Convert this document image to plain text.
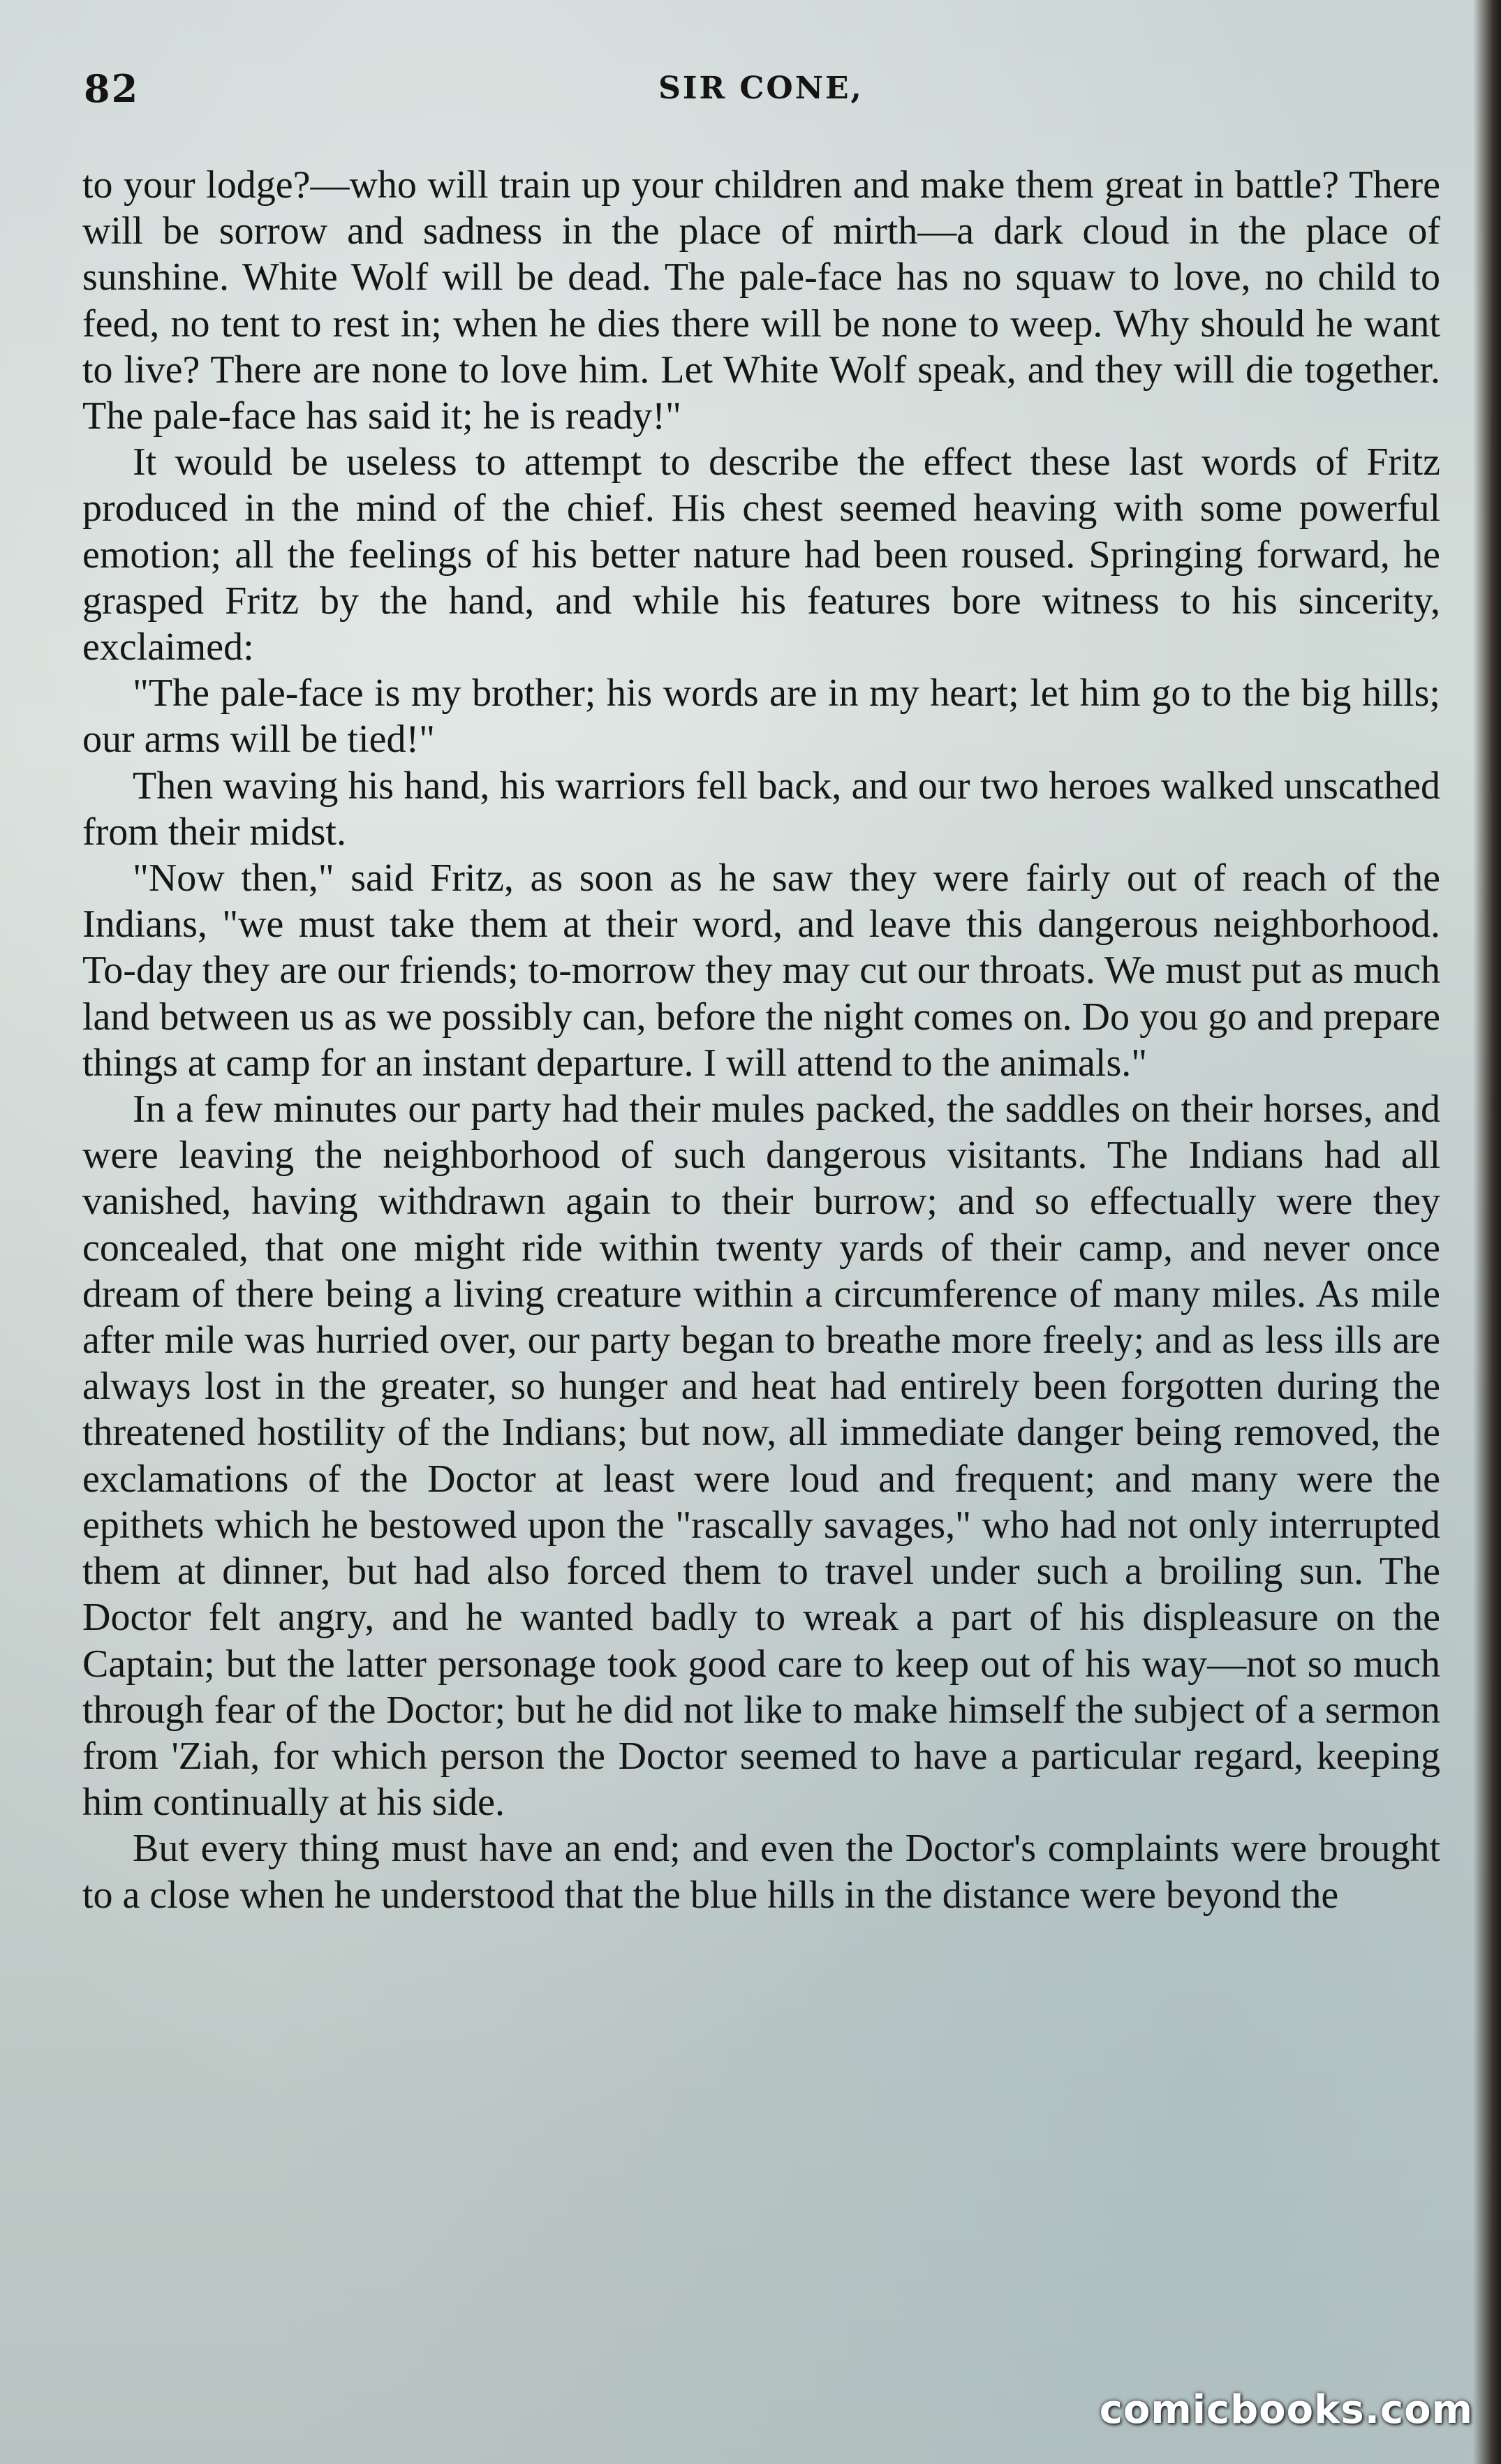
82	SIR CONE,

to your lodge?—who will train up your children and make them great in battle? There will be sorrow and sadness in the place of mirth—a dark cloud in the place of sunshine. White Wolf will be dead. The pale-face has no squaw to love, no child to feed, no tent to rest in; when he dies there will be none to weep. Why should he want to live? There are none to love him. Let White Wolf speak, and they will die together. The pale-face has said it; he is ready!"

It would be useless to attempt to describe the effect these last words of Fritz produced in the mind of the chief. His chest seemed heaving with some powerful emotion; all the feelings of his better nature had been roused. Springing forward, he grasped Fritz by the hand, and while his features bore witness to his sincerity, exclaimed:

"The pale-face is my brother; his words are in my heart; let him go to the big hills; our arms will be tied!"

Then waving his hand, his warriors fell back, and our two heroes walked unscathed from their midst.

"Now then," said Fritz, as soon as he saw they were fairly out of reach of the Indians, "we must take them at their word, and leave this dangerous neighborhood. To-day they are our friends; to-morrow they may cut our throats. We must put as much land between us as we possibly can, before the night comes on. Do you go and prepare things at camp for an instant departure. I will attend to the animals."

In a few minutes our party had their mules packed, the saddles on their horses, and were leaving the neighborhood of such dangerous visitants. The Indians had all vanished, having withdrawn again to their burrow; and so effectually were they concealed, that one might ride within twenty yards of their camp, and never once dream of there being a living creature within a circumference of many miles. As mile after mile was hurried over, our party began to breathe more freely; and as less ills are always lost in the greater, so hunger and heat had entirely been forgotten during the threatened hostility of the Indians; but now, all immediate danger being removed, the exclamations of the Doctor at least were loud and frequent; and many were the epithets which he bestowed upon the "rascally savages," who had not only interrupted them at dinner, but had also forced them to travel under such a broiling sun. The Doctor felt angry, and he wanted badly to wreak a part of his displeasure on the Captain; but the latter personage took good care to keep out of his way—not so much through fear of the Doctor; but he did not like to make himself the subject of a sermon from 'Ziah, for which person the Doctor seemed to have a particular regard, keeping him continually at his side.

But every thing must have an end; and even the Doctor's complaints were brought to a close when he understood that the blue hills in the distance were beyond the

comicbooks.com
